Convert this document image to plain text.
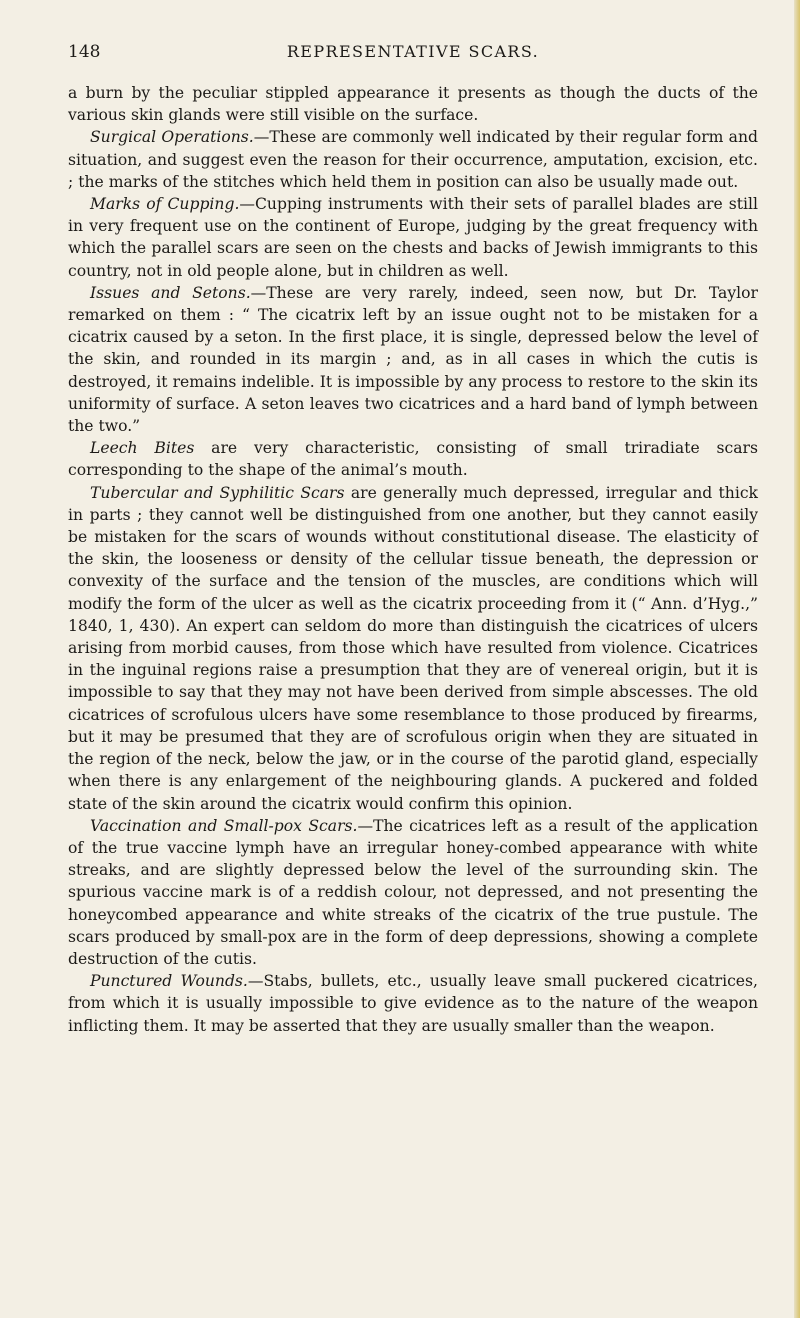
148	REPRESENTATIVE SCARS.

a burn by the peculiar stippled appearance it presents as though the ducts of the various skin glands were still visible on the surface.

Surgical Operations.—These are commonly well indicated by their regular form and situation, and suggest even the reason for their occurrence, amputation, excision, etc. ; the marks of the stitches which held them in position can also be usually made out.

Marks of Cupping.—Cupping instruments with their sets of parallel blades are still in very frequent use on the continent of Europe, judging by the great frequency with which the parallel scars are seen on the chests and backs of Jewish immigrants to this country, not in old people alone, but in children as well.

Issues and Setons.—These are very rarely, indeed, seen now, but Dr. Taylor remarked on them : “ The cicatrix left by an issue ought not to be mistaken for a cicatrix caused by a seton. In the first place, it is single, depressed below the level of the skin, and rounded in its margin ; and, as in all cases in which the cutis is destroyed, it remains indelible. It is impossible by any process to restore to the skin its uniformity of surface. A seton leaves two cicatrices and a hard band of lymph between the two.”

Leech Bites are very characteristic, consisting of small triradiate scars corresponding to the shape of the animal’s mouth.

Tubercular and Syphilitic Scars are generally much depressed, irregular and thick in parts ; they cannot well be distinguished from one another, but they cannot easily be mistaken for the scars of wounds without constitutional disease. The elasticity of the skin, the looseness or density of the cellular tissue beneath, the depression or convexity of the surface and the tension of the muscles, are conditions which will modify the form of the ulcer as well as the cicatrix proceeding from it (“ Ann. d’Hyg.,” 1840, 1, 430). An expert can seldom do more than distinguish the cicatrices of ulcers arising from morbid causes, from those which have resulted from violence. Cicatrices in the inguinal regions raise a presumption that they are of venereal origin, but it is impossible to say that they may not have been derived from simple abscesses. The old cicatrices of scrofulous ulcers have some resemblance to those produced by firearms, but it may be presumed that they are of scrofulous origin when they are situated in the region of the neck, below the jaw, or in the course of the parotid gland, especially when there is any enlargement of the neighbouring glands. A puckered and folded state of the skin around the cicatrix would confirm this opinion.

Vaccination and Small-pox Scars.—The cicatrices left as a result of the application of the true vaccine lymph have an irregular honey-combed appearance with white streaks, and are slightly depressed below the level of the surrounding skin. The spurious vaccine mark is of a reddish colour, not depressed, and not presenting the honeycombed appearance and white streaks of the cicatrix of the true pustule. The scars produced by small-pox are in the form of deep depressions, showing a complete destruction of the cutis.

Punctured Wounds.—Stabs, bullets, etc., usually leave small puckered cicatrices, from which it is usually impossible to give evidence as to the nature of the weapon inflicting them. It may be asserted that they are usually smaller than the weapon.
